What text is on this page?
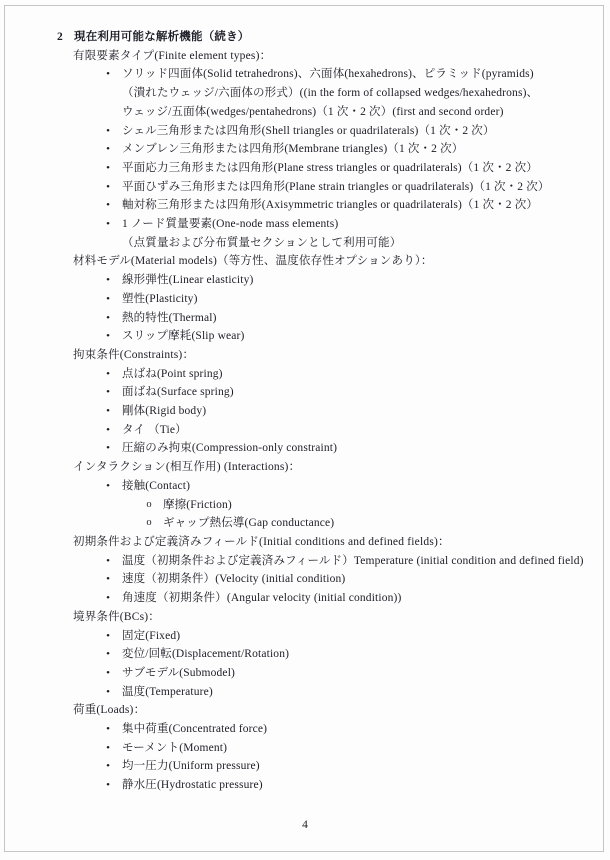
2 現在利用可能な解析機能（続き）
有限要素タイプ(Finite element types)：
•	ソリッド四面体(Solid tetrahedrons)、六面体(hexahedrons)、ピラミッド(pyramids)
（潰れたウェッジ/六面体の形式）((in the form of collapsed wedges/hexahedrons)、
ウェッジ/五面体(wedges/pentahedrons)（1 次・2 次）(first and second order)
•	シェル三角形または四角形(Shell triangles or quadrilaterals)（1 次・2 次）
•	メンブレン三角形または四角形(Membrane triangles)（1 次・2 次）
•	平面応力三角形または四角形(Plane stress triangles or quadrilaterals)（1 次・2 次）
•	平面ひずみ三角形または四角形(Plane strain triangles or quadrilaterals)（1 次・2 次）
•	軸対称三角形または四角形(Axisymmetric triangles or quadrilaterals)（1 次・2 次）
•	1 ノード質量要素(One-node mass elements)
（点質量および分布質量セクションとして利用可能）
材料モデル(Material models)（等方性、温度依存性オプションあり）：
•	線形弾性(Linear elasticity)
•	塑性(Plasticity)
•	熱的特性(Thermal)
•	スリップ摩耗(Slip wear)
拘束条件(Constraints)：
•	点ばね(Point spring)
•	面ばね(Surface spring)
•	剛体(Rigid body)
•	タイ （Tie）
•	圧縮のみ拘束(Compression-only constraint)
インタラクション(相互作用) (Interactions)：
•	接触(Contact)
o 摩擦(Friction)
o ギャップ熱伝導(Gap conductance)
初期条件および定義済みフィールド(Initial conditions and defined fields)：
•	温度（初期条件および定義済みフィールド）Temperature (initial condition and defined field)
•	速度（初期条件）(Velocity (initial condition)
•	角速度（初期条件）(Angular velocity (initial condition))
境界条件(BCs)：
•	固定(Fixed)
•	変位/回転(Displacement/Rotation)
•	サブモデル(Submodel)
•	温度(Temperature)
荷重(Loads)：
•	集中荷重(Concentrated force)
•	モーメント(Moment)
•	均一圧力(Uniform pressure)
•	静水圧(Hydrostatic pressure)
4
